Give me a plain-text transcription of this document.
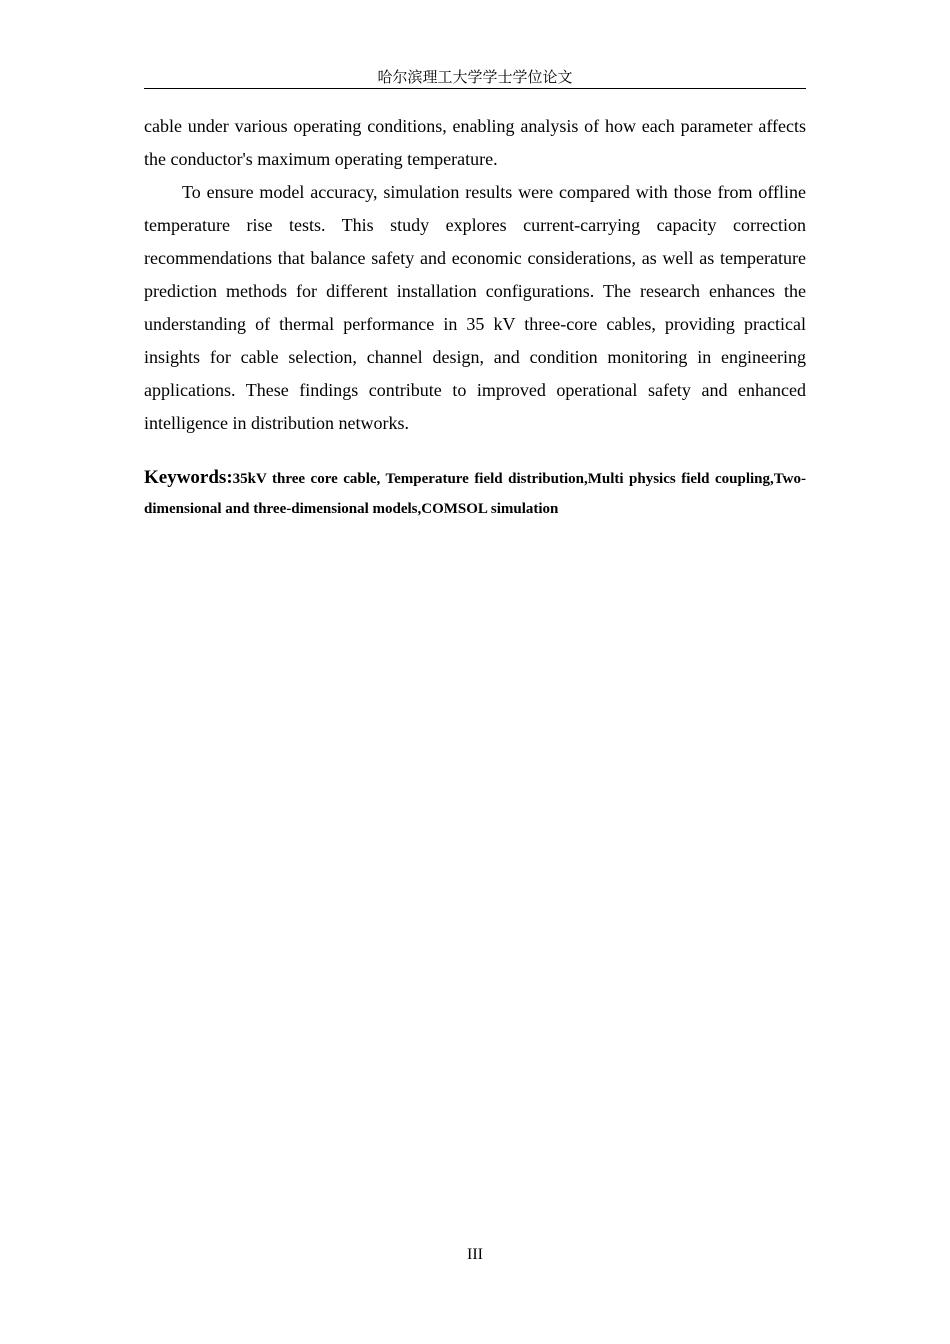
哈尔滨理工大学学士学位论文

cable under various operating conditions, enabling analysis of how each parameter affects the conductor's maximum operating temperature.

To ensure model accuracy, simulation results were compared with those from offline temperature rise tests. This study explores current-carrying capacity correction recommendations that balance safety and economic considerations, as well as temperature prediction methods for different installation configurations. The research enhances the understanding of thermal performance in 35 kV three-core cables, providing practical insights for cable selection, channel design, and condition monitoring in engineering applications. These findings contribute to improved operational safety and enhanced intelligence in distribution networks.

Keywords:35kV three core cable, Temperature field distribution,Multi physics field coupling,Two-dimensional and three-dimensional models,COMSOL simulation

III
